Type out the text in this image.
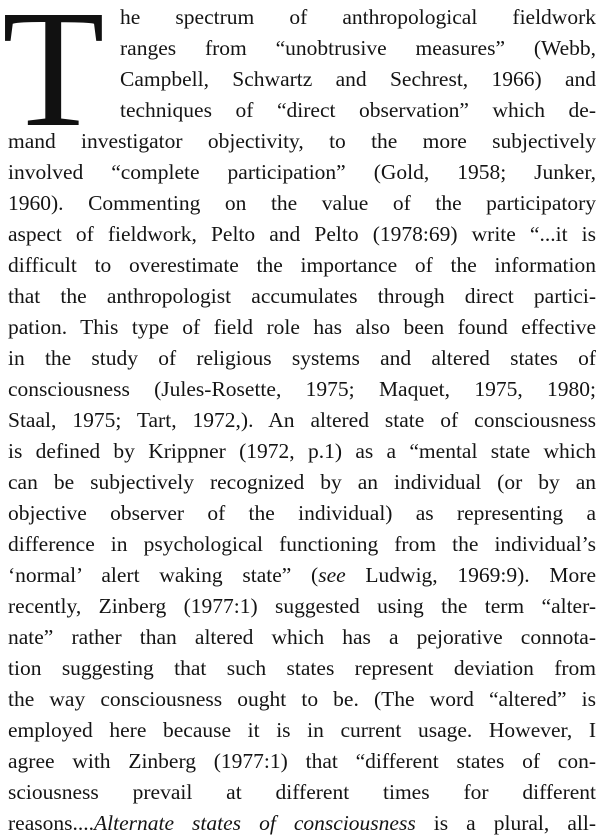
T he spectrum of anthropological fieldwork

ranges from “unobtrusive measures” (Webb,

Campbell, Schwartz and Sechrest, 1966) and

techniques of “direct observation” which de-

mand investigator objectivity, to the more subjectively

involved “complete participation” (Gold, 1958; Junker,

1960). Commenting on the value of the participatory

aspect of fieldwork, Pelto and Pelto (1978:69) write “...it is

difficult to overestimate the importance of the information

that the anthropologist accumulates through direct partici-

pation. This type of field role has also been found effective

in the study of religious systems and altered states of

consciousness (Jules-Rosette, 1975; Maquet, 1975, 1980;

Staal, 1975; Tart, 1972,). An altered state of consciousness

is defined by Krippner (1972, p.1) as a “mental state which

can be subjectively recognized by an individual (or by an

objective observer of the individual) as representing a

difference in psychological functioning from the individual’s

‘normal’ alert waking state” (see Ludwig, 1969:9). More

recently, Zinberg (1977:1) suggested using the term “alter-

nate” rather than altered which has a pejorative connota-

tion suggesting that such states represent deviation from

the way consciousness ought to be. (The word “altered” is

employed here because it is in current usage. However, I

agree with Zinberg (1977:1) that “different states of con-

sciousness prevail at different times for different

reasons....Alternate states of consciousness is a plural, all-
